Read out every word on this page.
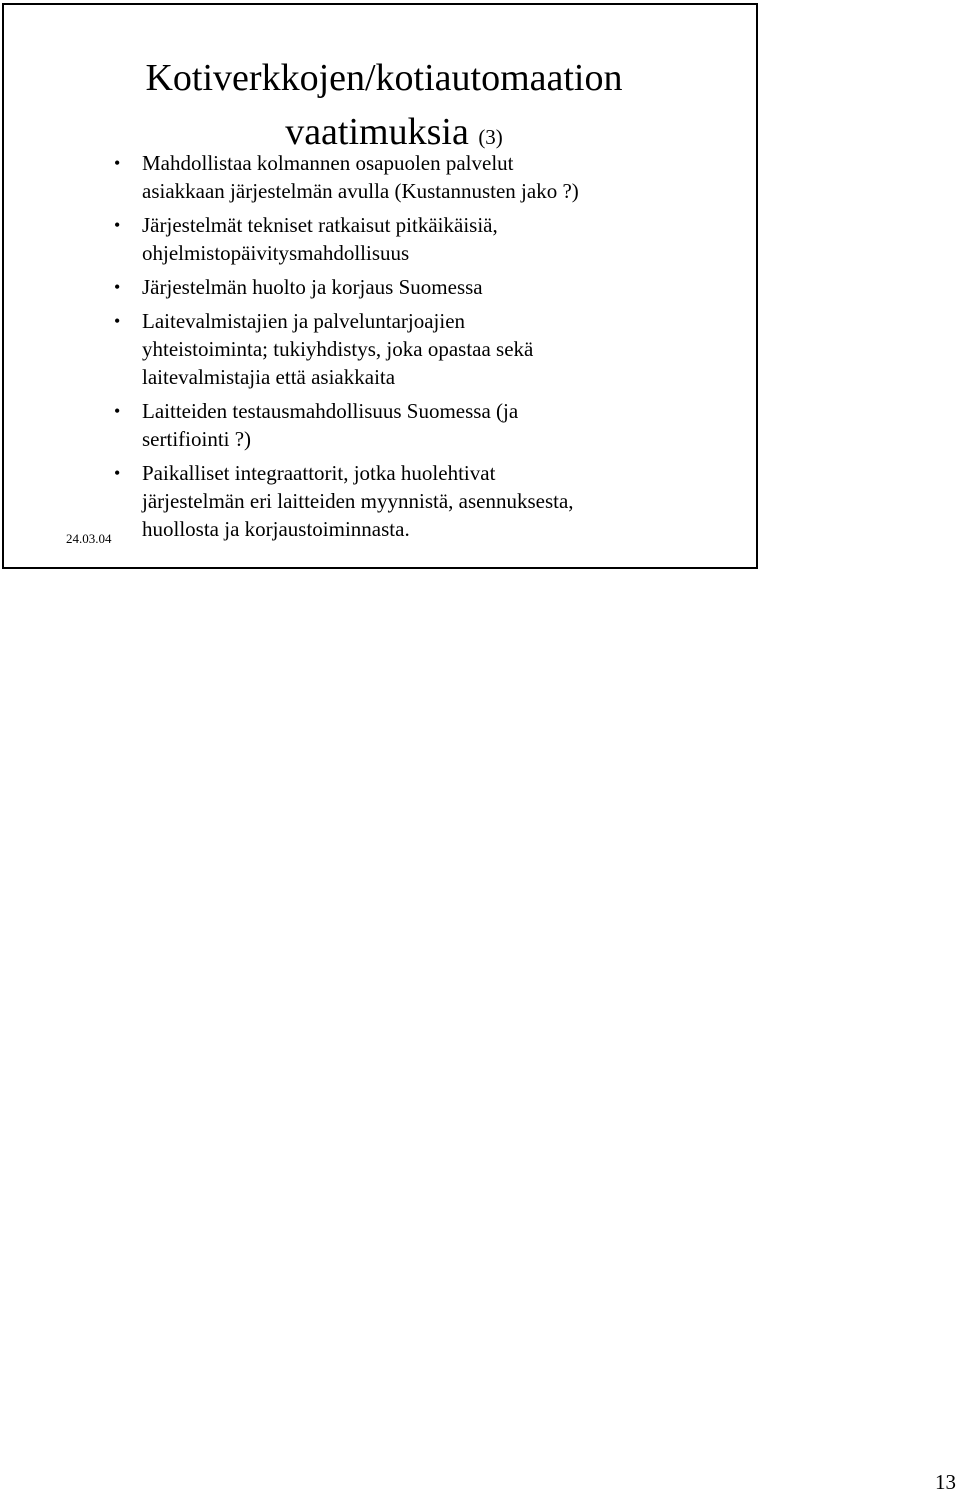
Kotiverkkojen/kotiautomaation
vaatimuksia (3)
• Mahdollistaa kolmannen osapuolen palvelut
asiakkaan järjestelmän avulla (Kustannusten jako ?)
• Järjestelmät tekniset ratkaisut pitkäikäisiä,
ohjelmistopäivitysmahdollisuus
• Järjestelmän huolto ja korjaus Suomessa
• Laitevalmistajien ja palveluntarjoajien
yhteistoiminta; tukiyhdistys, joka opastaa sekä
laitevalmistajia että asiakkaita
• Laitteiden testausmahdollisuus Suomessa (ja
sertifiointi ?)
• Paikalliset integraattorit, jotka huolehtivat
järjestelmän eri laitteiden myynnistä, asennuksesta,
huollosta ja korjaustoiminnasta.
24.03.04
13
